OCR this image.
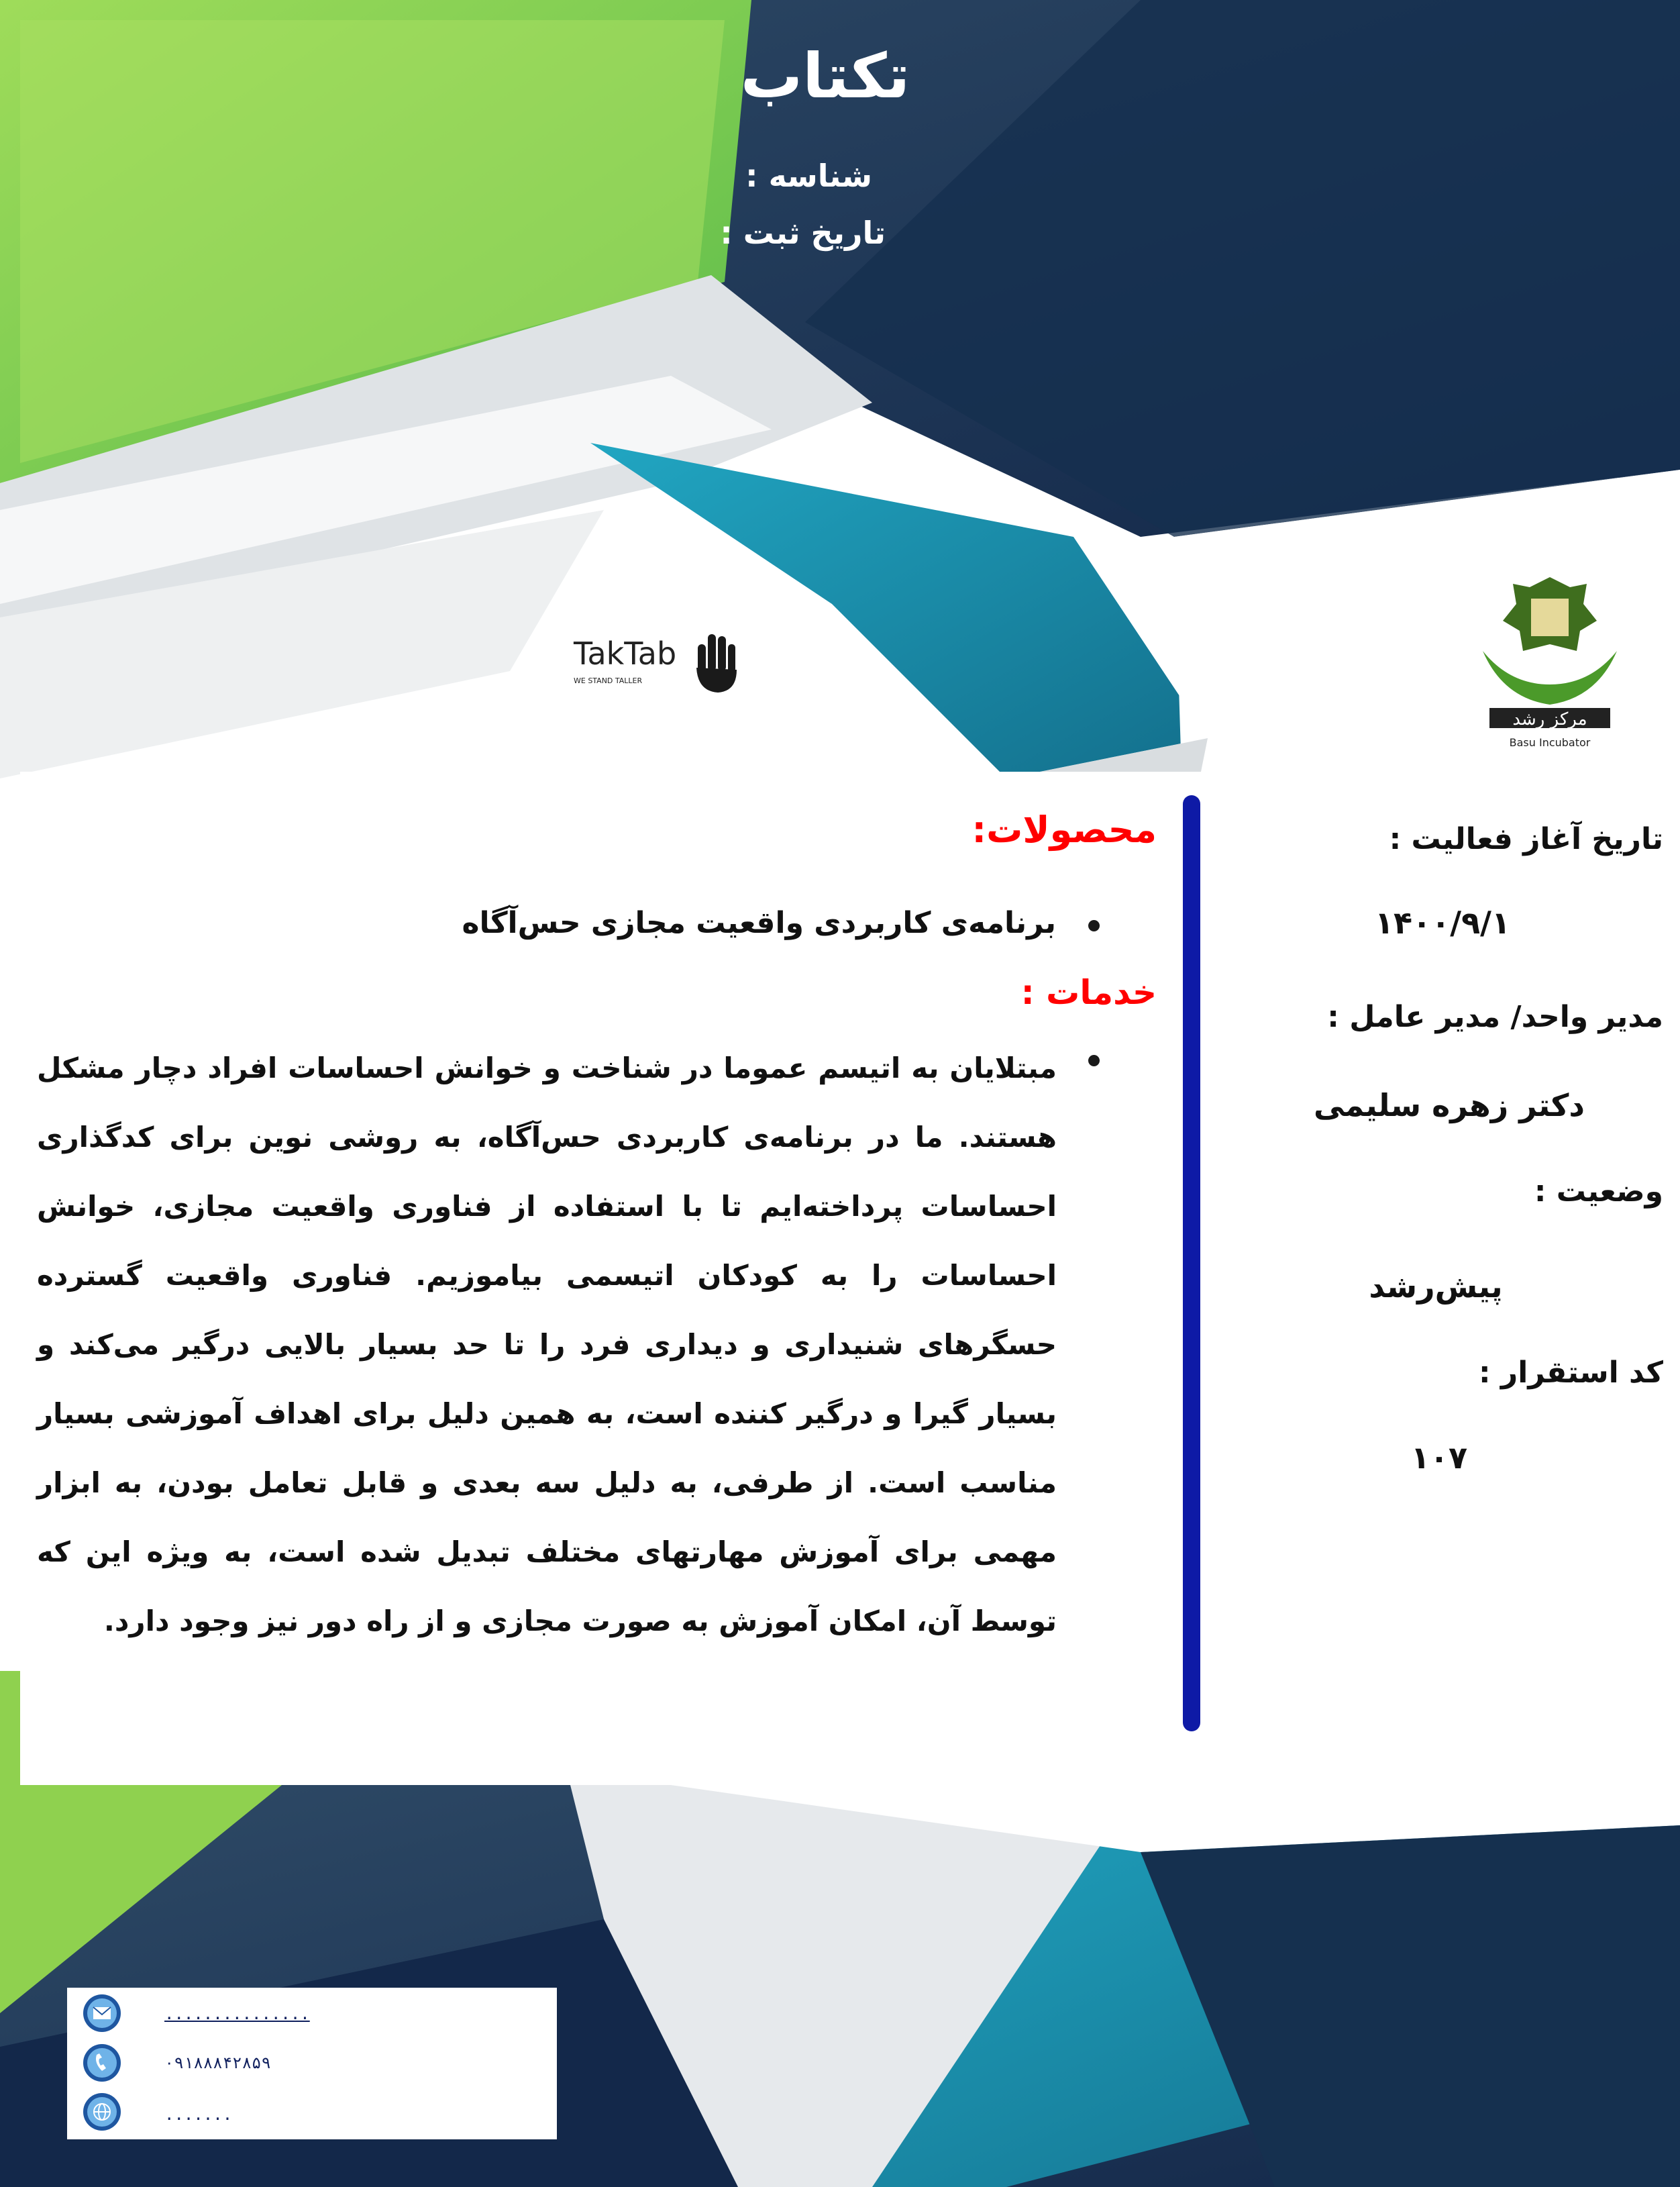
تکتاب
شناسه :
تاریخ ثبت :
TakTab
WE STAND TALLER
مرکز رشد
Basu Incubator
تاریخ آغاز فعالیت :
۱۴۰۰/۹/۱
مدیر واحد/ مدیر عامل :
دکتر زهره سلیمی
وضعیت :
پیش‌رشد
کد استقرار :
۱۰۷
محصولات:
برنامه‌ی کاربردی واقعیت مجازی حس‌آگاه
خدمات :
مبتلایان به اتیسم عموما در شناخت و خوانش احساسات افراد دچار مشکل هستند. ما در برنامه‌ی کاربردی حس‌آگاه، به روشی نوین برای کدگذاری احساسات پرداخته‌ایم تا با استفاده از فناوری واقعیت مجازی، خوانش احساسات را به کودکان اتیسمی بیاموزیم. فناوری واقعیت گسترده حسگرهای شنیداری و دیداری فرد را تا حد بسیار بالایی درگیر می‌کند و بسیار گیرا و درگیر کننده است، به همین دلیل برای اهداف آموزشی بسیار مناسب است. از طرفی، به دلیل سه بعدی و قابل تعامل بودن، به ابزار مهمی برای آموزش مهارتهای مختلف تبدیل شده است، به ویژه این که توسط آن، امکان آموزش به صورت مجازی و از راه دور نیز وجود دارد.
...............
۰۹۱۸۸۸۴۲۸۵۹
.......
